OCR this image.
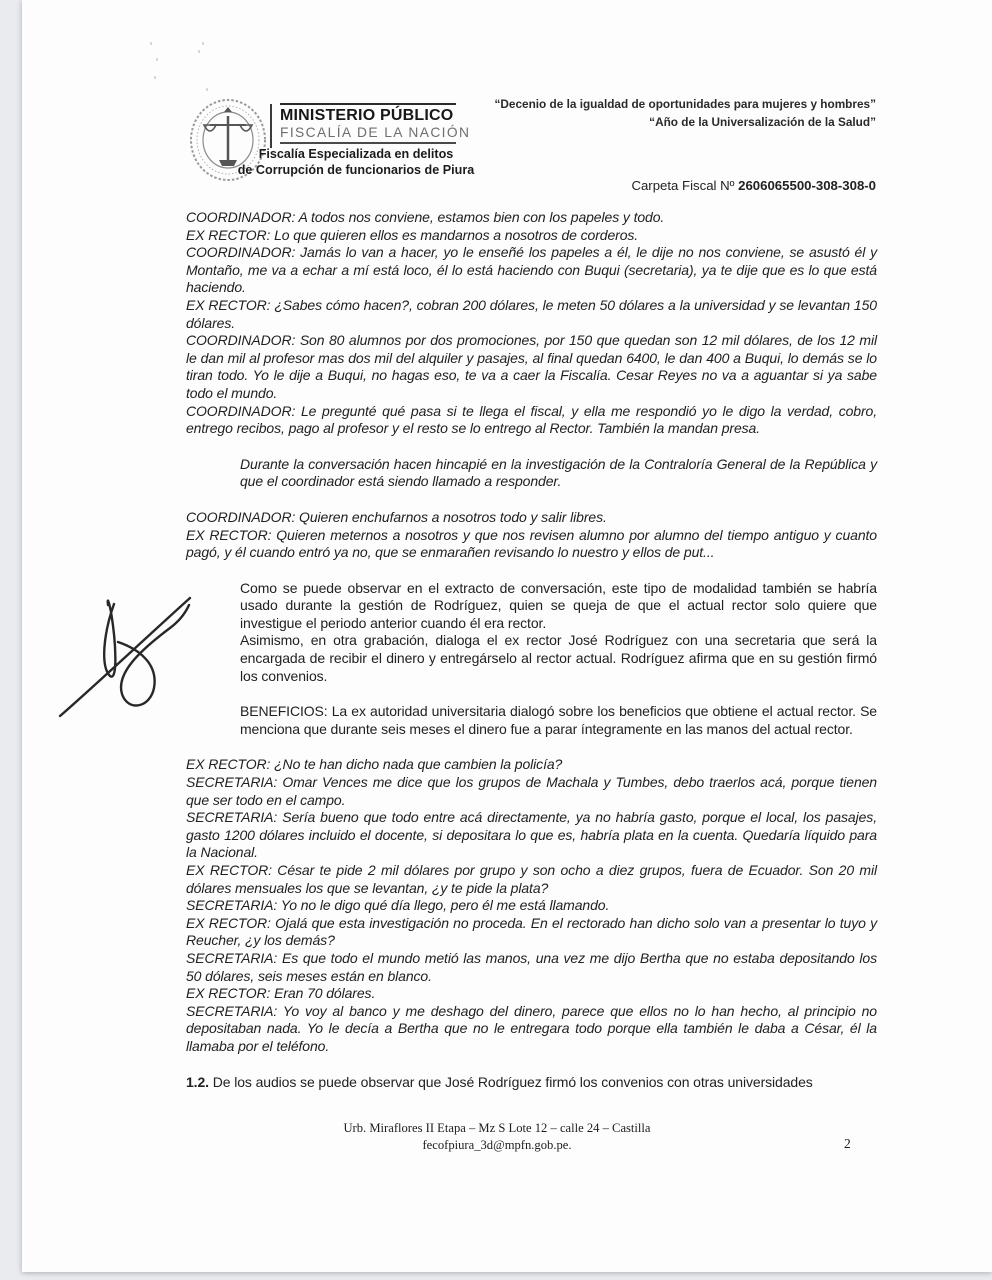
MINISTERIO PÚBLICO
FISCALÍA DE LA NACIÓN
Fiscalía Especializada en delitos
de Corrupción de funcionarios de Piura
“Decenio de la igualdad de oportunidades para mujeres y hombres”
“Año de la Universalización de la Salud”
Carpeta Fiscal Nº 2606065500-308-308-0

COORDINADOR: A todos nos conviene, estamos bien con los papeles y todo.

EX RECTOR: Lo que quieren ellos es mandarnos a nosotros de corderos.

COORDINADOR: Jamás lo van a hacer, yo le enseñé los papeles a él, le dije no nos conviene, se asustó él y Montaño, me va a echar a mí está loco, él lo está haciendo con Buqui (secretaria), ya te dije que es lo que está haciendo.

EX RECTOR: ¿Sabes cómo hacen?, cobran 200 dólares, le meten 50 dólares a la universidad y se levantan 150 dólares.

COORDINADOR: Son 80 alumnos por dos promociones, por 150 que quedan son 12 mil dólares, de los 12 mil le dan mil al profesor mas dos mil del alquiler y pasajes, al final quedan 6400, le dan 400 a Buqui, lo demás se lo tiran todo. Yo le dije a Buqui, no hagas eso, te va a caer la Fiscalía. Cesar Reyes no va a aguantar si ya sabe todo el mundo.

COORDINADOR: Le pregunté qué pasa si te llega el fiscal, y ella me respondió yo le digo la verdad, cobro, entrego recibos, pago al profesor y el resto se lo entrego al Rector. También la mandan presa.

Durante la conversación hacen hincapié en la investigación de la Contraloría General de la República y que el coordinador está siendo llamado a responder.

COORDINADOR: Quieren enchufarnos a nosotros todo y salir libres.

EX RECTOR: Quieren meternos a nosotros y que nos revisen alumno por alumno del tiempo antiguo y cuanto pagó, y él cuando entró ya no, que se enmarañen revisando lo nuestro y ellos de put...

Como se puede observar en el extracto de conversación, este tipo de modalidad también se habría usado durante la gestión de Rodríguez, quien se queja de que el actual rector solo quiere que investigue el periodo anterior cuando él era rector.

Asimismo, en otra grabación, dialoga el ex rector José Rodríguez con una secretaria que será la encargada de recibir el dinero y entregárselo al rector actual. Rodríguez afirma que en su gestión firmó los convenios.

BENEFICIOS: La ex autoridad universitaria dialogó sobre los beneficios que obtiene el actual rector. Se menciona que durante seis meses el dinero fue a parar íntegramente en las manos del actual rector.

EX RECTOR: ¿No te han dicho nada que cambien la policía?

SECRETARIA: Omar Vences me dice que los grupos de Machala y Tumbes, debo traerlos acá, porque tienen que ser todo en el campo.

SECRETARIA: Sería bueno que todo entre acá directamente, ya no habría gasto, porque el local, los pasajes, gasto 1200 dólares incluido el docente, si depositara lo que es, habría plata en la cuenta. Quedaría líquido para la Nacional.

EX RECTOR: César te pide 2 mil dólares por grupo y son ocho a diez grupos, fuera de Ecuador. Son 20 mil dólares mensuales los que se levantan, ¿y te pide la plata?

SECRETARIA: Yo no le digo qué día llego, pero él me está llamando.

EX RECTOR: Ojalá que esta investigación no proceda. En el rectorado han dicho solo van a presentar lo tuyo y Reucher, ¿y los demás?

SECRETARIA: Es que todo el mundo metió las manos, una vez me dijo Bertha que no estaba depositando los 50 dólares, seis meses están en blanco.

EX RECTOR: Eran 70 dólares.

SECRETARIA: Yo voy al banco y me deshago del dinero, parece que ellos no lo han hecho, al principio no depositaban nada. Yo le decía a Bertha que no le entregara todo porque ella también le daba a César, él la llamaba por el teléfono.

1.2. De los audios se puede observar que José Rodríguez firmó los convenios con otras universidades

Urb. Miraflores II Etapa – Mz S Lote 12 – calle 24 – Castilla
fecofpiura_3d@mpfn.gob.pe.	2
